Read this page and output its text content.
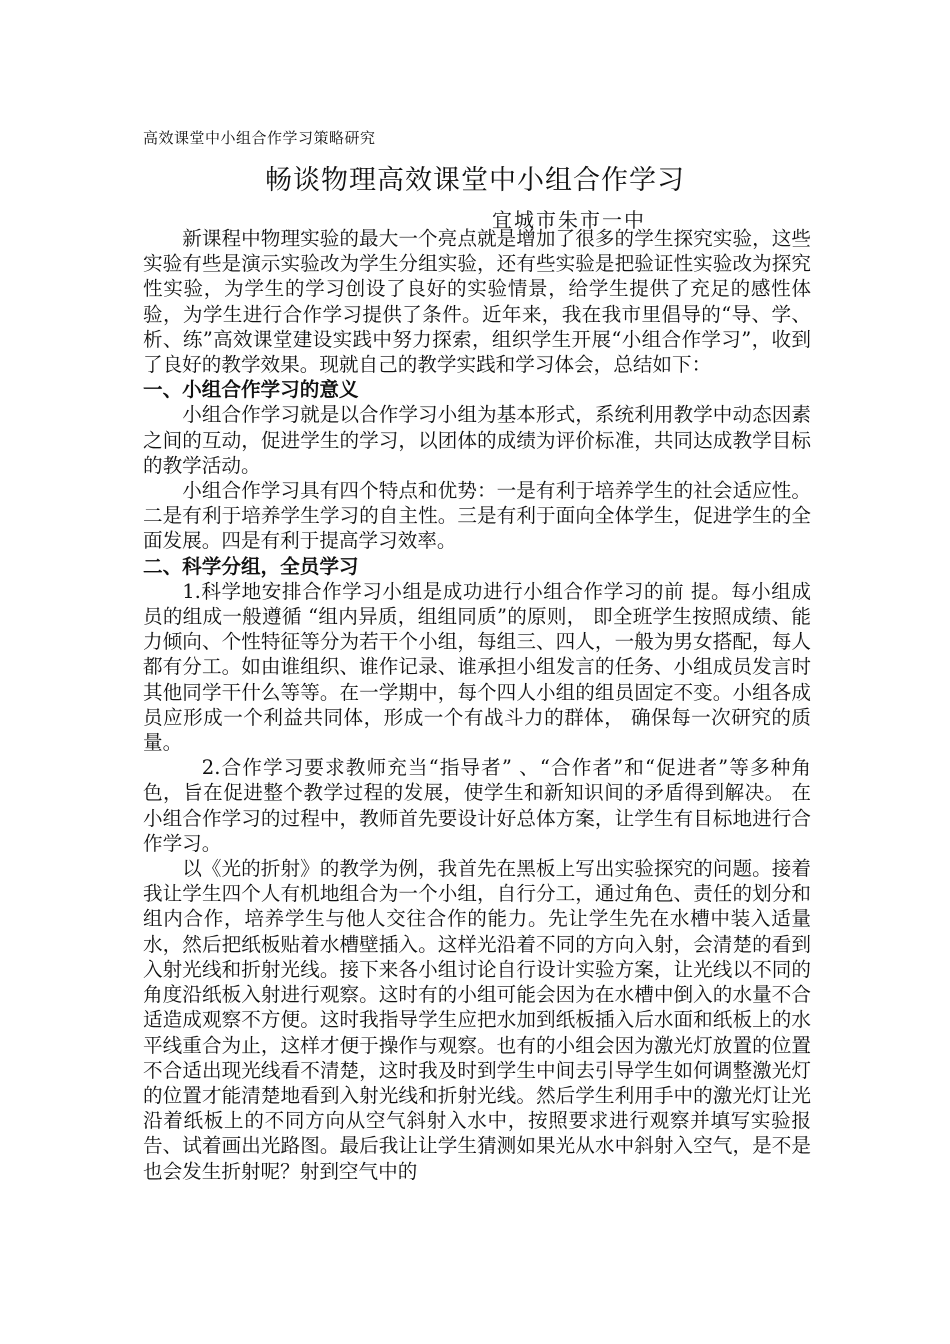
高效课堂中小组合作学习策略研究
畅谈物理高效课堂中小组合作学习
宜城市朱市一中

新课程中物理实验的最大一个亮点就是增加了很多的学生探究实验，这些实验有些是演示实验改为学生分组实验，还有些实验是把验证性实验改为探究性实验，为学生的学习创设了良好的实验情景，给学生提供了充足的感性体验，为学生进行合作学习提供了条件。近年来，我在我市里倡导的“导、学、析、练”高效课堂建设实践中努力探索，组织学生开展“小组合作学习”，收到了良好的教学效果。现就自己的教学实践和学习体会，总结如下：

一、小组合作学习的意义

小组合作学习就是以合作学习小组为基本形式，系统利用教学中动态因素之间的互动，促进学生的学习，以团体的成绩为评价标准，共同达成教学目标的教学活动。

小组合作学习具有四个特点和优势：一是有利于培养学生的社会适应性。二是有利于培养学生学习的自主性。三是有利于面向全体学生，促进学生的全面发展。四是有利于提高学习效率。

二、科学分组，全员学习

1.科学地安排合作学习小组是成功进行小组合作学习的前 提。每小组成员的组成一般遵循 “组内异质，组组同质”的原则， 即全班学生按照成绩、能力倾向、个性特征等分为若干个小组，每组三、四人，一般为男女搭配，每人都有分工。如由谁组织、谁作记录、谁承担小组发言的任务、小组成员发言时其他同学干什么等等。在一学期中，每个四人小组的组员固定不变。小组各成员应形成一个利益共同体，形成一个有战斗力的群体， 确保每一次研究的质量。

2.合作学习要求教师充当“指导者” 、“合作者”和“促进者”等多种角色，旨在促进整个教学过程的发展，使学生和新知识间的矛盾得到解决。 在小组合作学习的过程中，教师首先要设计好总体方案，让学生有目标地进行合作学习。

以《光的折射》的教学为例，我首先在黑板上写出实验探究的问题。接着我让学生四个人有机地组合为一个小组，自行分工，通过角色、责任的划分和组内合作，培养学生与他人交往合作的能力。先让学生先在水槽中装入适量水，然后把纸板贴着水槽壁插入。这样光沿着不同的方向入射，会清楚的看到入射光线和折射光线。接下来各小组讨论自行设计实验方案，让光线以不同的角度沿纸板入射进行观察。这时有的小组可能会因为在水槽中倒入的水量不合适造成观察不方便。这时我指导学生应把水加到纸板插入后水面和纸板上的水平线重合为止，这样才便于操作与观察。也有的小组会因为激光灯放置的位置不合适出现光线看不清楚，这时我及时到学生中间去引导学生如何调整激光灯的位置才能清楚地看到入射光线和折射光线。然后学生利用手中的激光灯让光沿着纸板上的不同方向从空气斜射入水中，按照要求进行观察并填写实验报告、试着画出光路图。最后我让让学生猜测如果光从水中斜射入空气，是不是也会发生折射呢？射到空气中的
